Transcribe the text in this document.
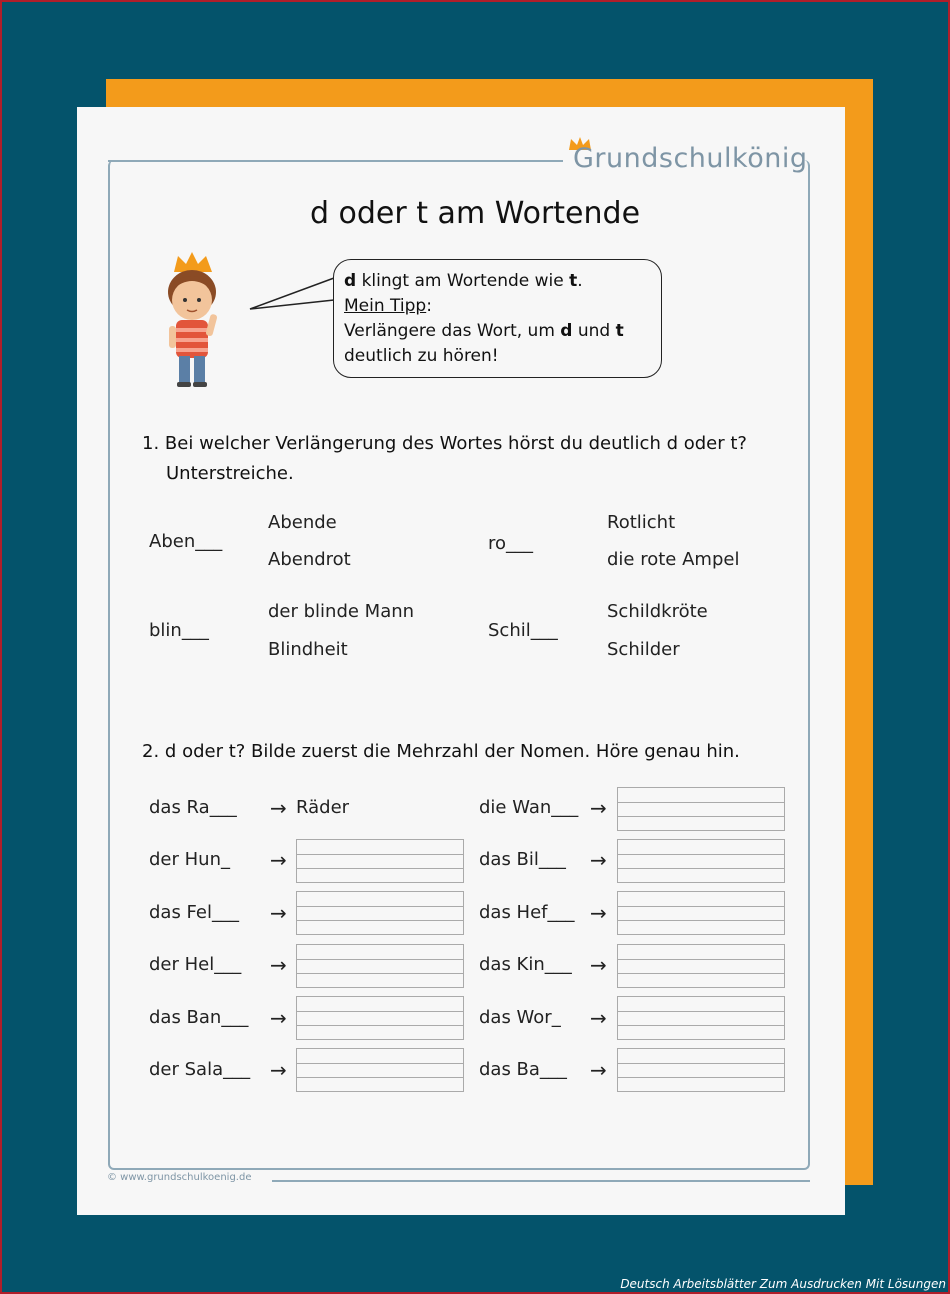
Grundschulkönig
d oder t am Wortende
d klingt am Wortende wie t.
Mein Tipp:
Verlängere das Wort, um d und t
deutlich zu hören!
1. Bei welcher Verlängerung des Wortes hörst du deutlich d oder t?
Unterstreiche.
Aben___
Abende
Abendrot
ro___
Rotlicht
die rote Ampel
blin___
der blinde Mann
Blindheit
Schil___
Schildkröte
Schilder
2. d oder t? Bilde zuerst die Mehrzahl der Nomen. Höre genau hin.
das Ra___ → Räder
der Hun_ →
das Fel___ →
der Hel___ →
das Ban___ →
der Sala___ →
die Wan___ →
das Bil___ →
das Hef___ →
das Kin___ →
das Wor_ →
das Ba___ →
© www.grundschulkoenig.de
Deutsch Arbeitsblätter Zum Ausdrucken Mit Lösungen
